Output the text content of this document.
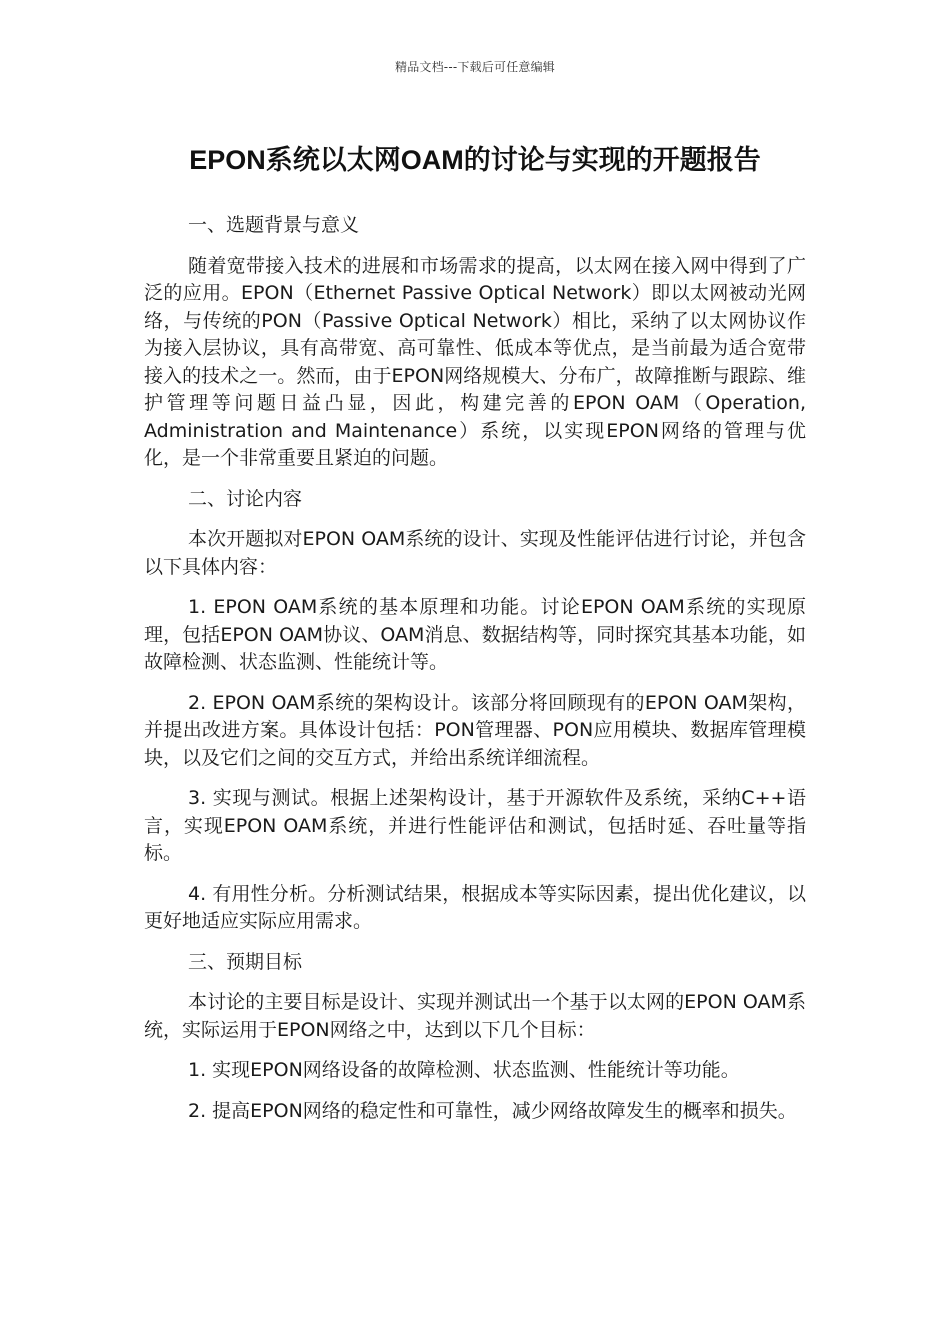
精品文档---下载后可任意编辑
EPON系统以太网OAM的讨论与实现的开题报告

一、选题背景与意义

随着宽带接入技术的进展和市场需求的提高，以太网在接入网中得到了广泛的应用。EPON（Ethernet Passive Optical Network）即以太网被动光网络，与传统的PON（Passive Optical Network）相比，采纳了以太网协议作为接入层协议，具有高带宽、高可靠性、低成本等优点，是当前最为适合宽带接入的技术之一。然而，由于EPON网络规模大、分布广，故障推断与跟踪、维护管理等问题日益凸显，因此，构建完善的EPON OAM（Operation, Administration and Maintenance）系统，以实现EPON网络的管理与优化，是一个非常重要且紧迫的问题。

二、讨论内容

本次开题拟对EPON OAM系统的设计、实现及性能评估进行讨论，并包含以下具体内容：

1. EPON OAM系统的基本原理和功能。讨论EPON OAM系统的实现原理，包括EPON OAM协议、OAM消息、数据结构等，同时探究其基本功能，如故障检测、状态监测、性能统计等。

2. EPON OAM系统的架构设计。该部分将回顾现有的EPON OAM架构，并提出改进方案。具体设计包括：PON管理器、PON应用模块、数据库管理模块，以及它们之间的交互方式，并给出系统详细流程。

3. 实现与测试。根据上述架构设计，基于开源软件及系统，采纳C++语言，实现EPON OAM系统，并进行性能评估和测试，包括时延、吞吐量等指标。

4. 有用性分析。分析测试结果，根据成本等实际因素，提出优化建议，以更好地适应实际应用需求。

三、预期目标

本讨论的主要目标是设计、实现并测试出一个基于以太网的EPON OAM系统，实际运用于EPON网络之中，达到以下几个目标：

1. 实现EPON网络设备的故障检测、状态监测、性能统计等功能。

2. 提高EPON网络的稳定性和可靠性，减少网络故障发生的概率和损失。
